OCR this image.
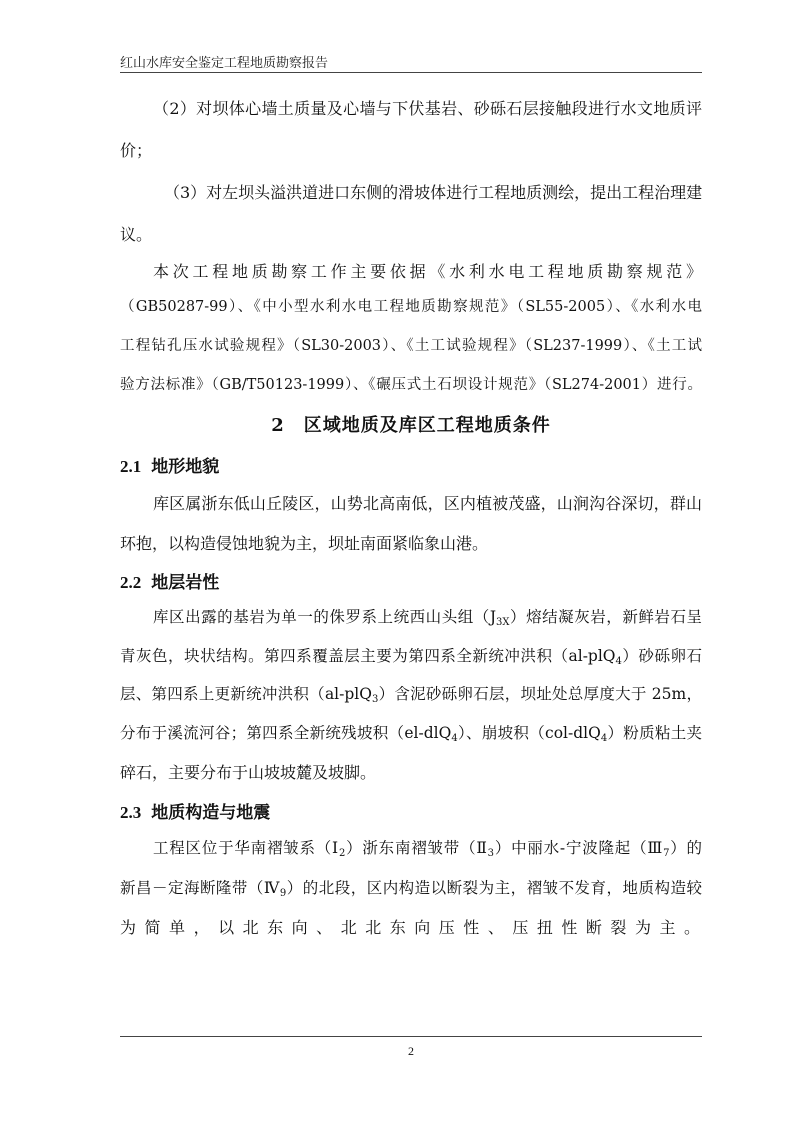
红山水库安全鉴定工程地质勘察报告

（2）对坝体心墙土质量及心墙与下伏基岩、砂砾石层接触段进行水文地质评

价；

（3）对左坝头溢洪道进口东侧的滑坡体进行工程地质测绘，提出工程治理建

议。

本次工程地质勘察工作主要依据《水利水电工程地质勘察规范》

（GB50287-99）、《中小型水利水电工程地质勘察规范》（SL55-2005）、《水利水电

工程钻孔压水试验规程》（SL30-2003）、《土工试验规程》（SL237-1999）、《土工试

验方法标准》（GB/T50123-1999）、《碾压式土石坝设计规范》（SL274-2001）进行。

2　区域地质及库区工程地质条件
2.1 地形地貌

库区属浙东低山丘陵区，山势北高南低，区内植被茂盛，山涧沟谷深切，群山

环抱，以构造侵蚀地貌为主，坝址南面紧临象山港。

2.2 地层岩性

库区出露的基岩为单一的侏罗系上统西山头组$(J_{3X})$熔结凝灰岩，新鲜岩石呈

青灰色，块状结构。第四系覆盖层主要为第四系全新统冲洪积（al-plQ$_4$）砂砾卵石

层、第四系上更新统冲洪积（al-plQ$_3$）含泥砂砾卵石层，坝址处总厚度大于 25m，

分布于溪流河谷；第四系全新统残坡积（el-dlQ$_4$）、崩坡积（col-dlQ$_4$）粉质粘土夹

碎石，主要分布于山坡坡麓及坡脚。

2.3 地质构造与地震

工程区位于华南褶皱系$(Ⅰ_2)$浙东南褶皱带$(Ⅱ_3)$中丽水-宁波隆起$(Ⅲ_7)$的

新昌－定海断隆带$(Ⅳ_9)$的北段，区内构造以断裂为主，褶皱不发育，地质构造较

为简单，以北东向、北北东向压性、压扭性断裂为主。

2
